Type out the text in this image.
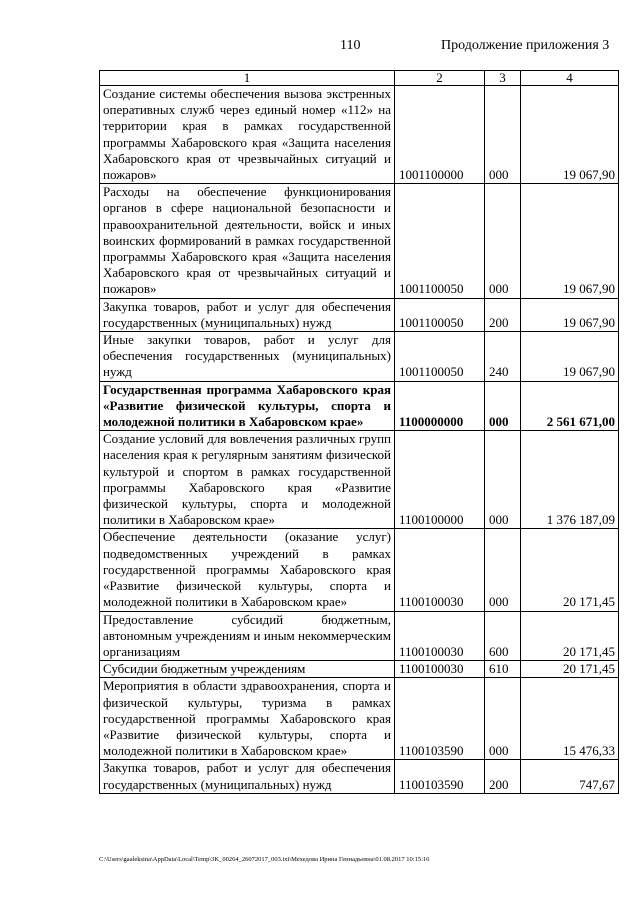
110	Продолжение приложения 3
1	2	3	4
Создание системы обеспечения вызова экстренных оперативных служб через единый номер «112» на территории края в рамках государственной программы Хабаровского края «Защита населения Хабаровского края от чрезвычайных ситуаций и пожаров»	1001100000	000	19 067,90
Расходы на обеспечение функционирования органов в сфере национальной безопасности и правоохранительной деятельности, войск и иных воинских формирований в рамках государственной программы Хабаровского края «Защита населения Хабаровского края от чрезвычайных ситуаций и пожаров»	1001100050	000	19 067,90
Закупка товаров, работ и услуг для обеспечения государственных (муниципальных) нужд	1001100050	200	19 067,90
Иные закупки товаров, работ и услуг для обеспечения государственных (муниципальных) нужд	1001100050	240	19 067,90
Государственная программа Хабаровского края «Развитие физической культуры, спорта и молодежной политики в Хабаровском крае»	1100000000	000	2 561 671,00
Создание условий для вовлечения различных групп населения края к регулярным занятиям физической культурой и спортом в рамках государственной программы Хабаровского края «Развитие физической культуры, спорта и молодежной политики в Хабаровском крае»	1100100000	000	1 376 187,09
Обеспечение деятельности (оказание услуг) подведомственных учреждений в рамках государственной программы Хабаровского края «Развитие физической культуры, спорта и молодежной политики в Хабаровском крае»	1100100030	000	20 171,45
Предоставление субсидий бюджетным, автономным учреждениям и иным некоммерческим организациям	1100100030	600	20 171,45
Субсидии бюджетным учреждениям	1100100030	610	20 171,45
Мероприятия в области здравоохранения, спорта и физической культуры, туризма в рамках государственной программы Хабаровского края «Развитие физической культуры, спорта и молодежной политики в Хабаровском крае»	1100103590	000	15 476,33
Закупка товаров, работ и услуг для обеспечения государственных (муниципальных) нужд	1100103590	200	747,67
C:\Users\gaaleksina\AppData\Local\Temp\3K_00264_26072017_003.txt\Мехедова Ирина Геннадьевна\01.08.2017 10:15:16
